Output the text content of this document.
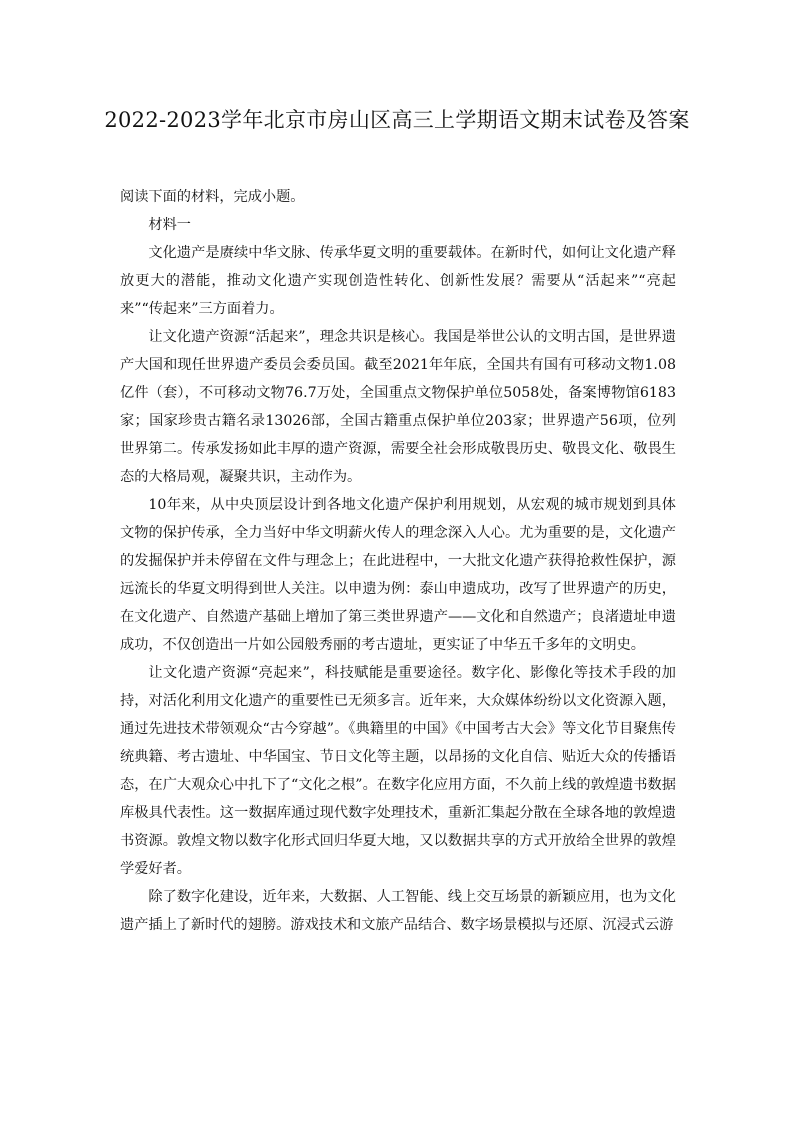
2022-2023学年北京市房山区高三上学期语文期末试卷及答案

阅读下面的材料，完成小题。

材料一

文化遗产是赓续中华文脉、传承华夏文明的重要载体。在新时代，如何让文化遗产释放更大的潜能，推动文化遗产实现创造性转化、创新性发展？需要从“活起来”“亮起来”“传起来”三方面着力。

让文化遗产资源“活起来”，理念共识是核心。我国是举世公认的文明古国，是世界遗产大国和现任世界遗产委员会委员国。截至2021年年底，全国共有国有可移动文物1.08亿件（套），不可移动文物76.7万处，全国重点文物保护单位5058处，备案博物馆6183家；国家珍贵古籍名录13026部，全国古籍重点保护单位203家；世界遗产56项，位列世界第二。传承发扬如此丰厚的遗产资源，需要全社会形成敬畏历史、敬畏文化、敬畏生态的大格局观，凝聚共识，主动作为。

10年来，从中央顶层设计到各地文化遗产保护利用规划，从宏观的城市规划到具体文物的保护传承，全力当好中华文明薪火传人的理念深入人心。尤为重要的是，文化遗产的发掘保护并未停留在文件与理念上；在此进程中，一大批文化遗产获得抢救性保护，源远流长的华夏文明得到世人关注。以申遗为例：泰山申遗成功，改写了世界遗产的历史，在文化遗产、自然遗产基础上增加了第三类世界遗产——文化和自然遗产；良渚遗址申遗成功，不仅创造出一片如公园般秀丽的考古遗址，更实证了中华五千多年的文明史。

让文化遗产资源“亮起来”，科技赋能是重要途径。数字化、影像化等技术手段的加持，对活化利用文化遗产的重要性已无须多言。近年来，大众媒体纷纷以文化资源入题，通过先进技术带领观众“古今穿越”。《典籍里的中国》《中国考古大会》等文化节目聚焦传统典籍、考古遗址、中华国宝、节日文化等主题，以昂扬的文化自信、贴近大众的传播语态，在广大观众心中扎下了“文化之根”。在数字化应用方面，不久前上线的敦煌遗书数据库极具代表性。这一数据库通过现代数字处理技术，重新汇集起分散在全球各地的敦煌遗书资源。敦煌文物以数字化形式回归华夏大地，又以数据共享的方式开放给全世界的敦煌学爱好者。

除了数字化建设，近年来，大数据、人工智能、线上交互场景的新颖应用，也为文化遗产插上了新时代的翅膀。游戏技术和文旅产品结合、数字场景模拟与还原、沉浸式云游
